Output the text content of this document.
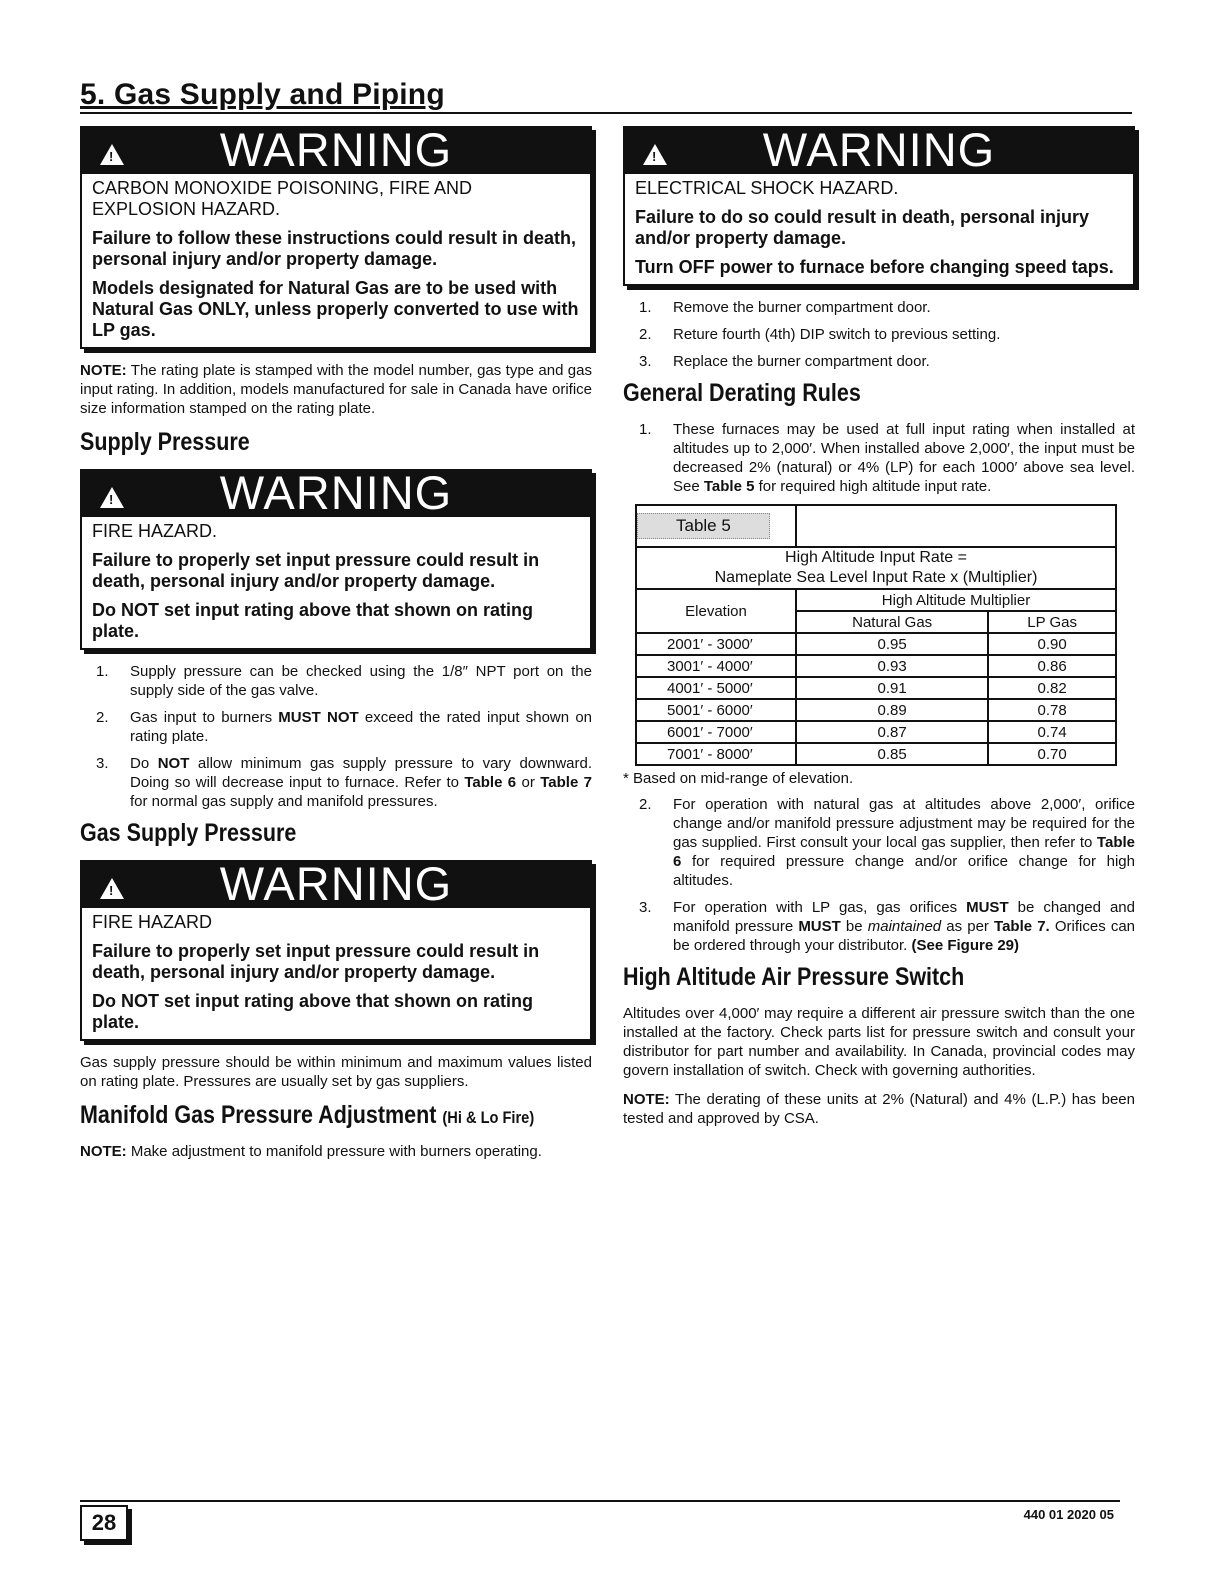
5. Gas Supply and Piping
!
WARNING

CARBON MONOXIDE POISONING, FIRE AND EXPLOSION HAZARD.

Failure to follow these instructions could result in death, personal injury and/or property damage.

Models designated for Natural Gas are to be used with Natural Gas ONLY, unless properly converted to use with LP gas.

NOTE: The rating plate is stamped with the model number, gas type and gas input rating. In addition, models manufactured for sale in Canada have orifice size information stamped on the rating plate.

Supply Pressure
!
WARNING

FIRE HAZARD.

Failure to properly set input pressure could result in death, personal injury and/or property damage.

Do NOT set input rating above that shown on rating plate.

1. Supply pressure can be checked using the 1/8″ NPT port on the supply side of the gas valve.
2. Gas input to burners MUST NOT exceed the rated input shown on rating plate.
3. Do NOT allow minimum gas supply pressure to vary downward. Doing so will decrease input to furnace. Refer to Table 6 or Table 7 for normal gas supply and manifold pressures.
Gas Supply Pressure
!
WARNING

FIRE HAZARD

Failure to properly set input pressure could result in death, personal injury and/or property damage.

Do NOT set input rating above that shown on rating plate.

Gas supply pressure should be within minimum and maximum values listed on rating plate. Pressures are usually set by gas suppliers.

Manifold Gas Pressure Adjustment (Hi & Lo Fire)

NOTE: Make adjustment to manifold pressure with burners operating.

!
WARNING

ELECTRICAL SHOCK HAZARD.

Failure to do so could result in death, personal injury and/or property damage.

Turn OFF power to furnace before changing speed taps.

1. Remove the burner compartment door.
2. Reture fourth (4th) DIP switch to previous setting.
3. Replace the burner compartment door.
General Derating Rules
1. These furnaces may be used at full input rating when installed at altitudes up to 2,000′. When installed above 2,000′, the input must be decreased 2% (natural) or 4% (LP) for each 1000′ above sea level. See Table 5 for required high altitude input rate.
Table 5		
High Altitude Input Rate =
Nameplate Sea Level Input Rate x (Multiplier)		
Elevation	High Altitude Multiplier	
	Natural Gas	LP Gas
2001′ - 3000′	0.95	0.90
3001′ - 4000′	0.93	0.86
4001′ - 5000′	0.91	0.82
5001′ - 6000′	0.89	0.78
6001′ - 7000′	0.87	0.74
7001′ - 8000′	0.85	0.70
* Based on mid-range of elevation.
2. For operation with natural gas at altitudes above 2,000′, orifice change and/or manifold pressure adjustment may be required for the gas supplied. First consult your local gas supplier, then refer to Table 6 for required pressure change and/or orifice change for high altitudes.
3. For operation with LP gas, gas orifices MUST be changed and manifold pressure MUST be maintained as per Table 7. Orifices can be ordered through your distributor. (See Figure 29)
High Altitude Air Pressure Switch

Altitudes over 4,000′ may require a different air pressure switch than the one installed at the factory. Check parts list for pressure switch and consult your distributor for part number and availability. In Canada, provincial codes may govern installation of switch. Check with governing authorities.

NOTE: The derating of these units at 2% (Natural) and 4% (L.P.) has been tested and approved by CSA.

28	440 01 2020 05
